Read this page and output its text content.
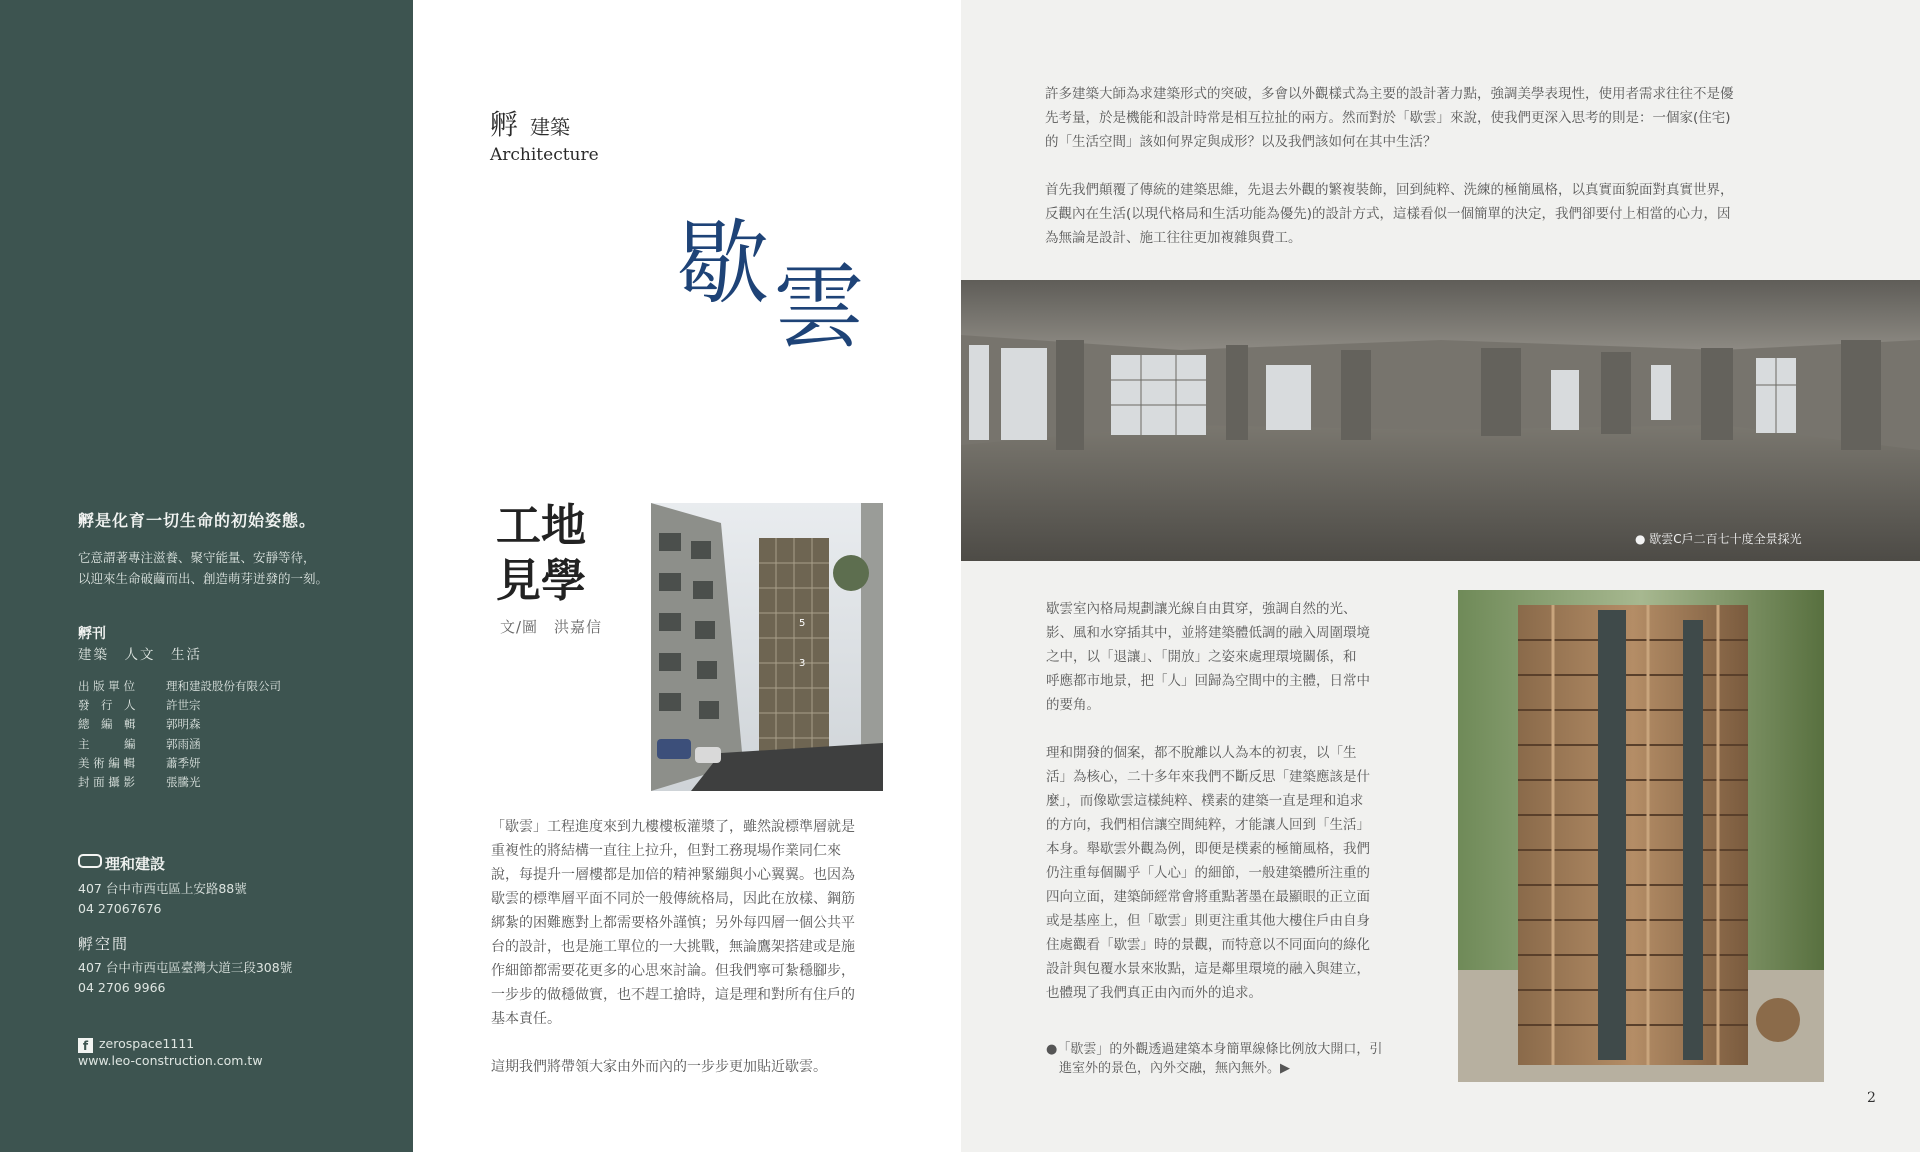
孵是化育一切生命的初始姿態。
它意謂著專注滋養、聚守能量、安靜等待，
以迎來生命破繭而出、創造萌芽迸發的一刻。
孵刊
建築　人文　生活
出 版 單 位	理和建設股份有限公司
發　行　人	許世宗
總　編　輯	郭明森
主　　　編	郭雨涵
美 術 編 輯	蕭季妍
封 面 攝 影	張騰光
理和建設
407 台中市西屯區上安路88號
04 27067676
孵空間
407 台中市西屯區臺灣大道三段308號
04 2706 9966
f zerospace1111
www.leo-construction.com.tw
孵 建築
Architecture
歇 雲
工地
見學
文/圖　洪嘉信	5
3

「歇雲」工程進度來到九樓樓板灌漿了，雖然說標準層就是

重複性的將結構一直往上拉升，但對工務現場作業同仁來

說，每提升一層樓都是加倍的精神緊繃與小心翼翼。也因為

歇雲的標準層平面不同於一般傳統格局，因此在放樣、鋼筋

綁紮的困難應對上都需要格外謹慎；另外每四層一個公共平

台的設計，也是施工單位的一大挑戰，無論鷹架搭建或是施

作細節都需要花更多的心思來討論。但我們寧可紮穩腳步，

一步步的做穩做實，也不趕工搶時，這是理和對所有住戶的

基本責任。

這期我們將帶領大家由外而內的一步步更加貼近歇雲。

許多建築大師為求建築形式的突破，多會以外觀樣式為主要的設計著力點，強調美學表現性，使用者需求往往不是優
先考量，於是機能和設計時常是相互拉扯的兩方。然而對於「歇雲」來說，使我們更深入思考的則是：一個家(住宅)
的「生活空間」該如何界定與成形？以及我們該如何在其中生活？

首先我們顛覆了傳統的建築思維，先退去外觀的繁複裝飾，回到純粹、洗練的極簡風格，以真實面貌面對真實世界，
反觀內在生活(以現代格局和生活功能為優先)的設計方式，這樣看似一個簡單的決定，我們卻要付上相當的心力，因
為無論是設計、施工往往更加複雜與費工。

● 歇雲C戶二百七十度全景採光

歇雲室內格局規劃讓光線自由貫穿，強調自然的光、
影、風和水穿插其中，並將建築體低調的融入周圍環境
之中，以「退讓」、「開放」之姿來處理環境關係，和
呼應都市地景，把「人」回歸為空間中的主體，日常中
的要角。

理和開發的個案，都不脫離以人為本的初衷，以「生
活」為核心，二十多年來我們不斷反思「建築應該是什
麼」，而像歇雲這樣純粹、樸素的建築一直是理和追求
的方向，我們相信讓空間純粹，才能讓人回到「生活」
本身。舉歇雲外觀為例，即便是樸素的極簡風格，我們
仍注重每個關乎「人心」的細節，一般建築體所注重的
四向立面，建築師經常會將重點著墨在最顯眼的正立面
或是基座上，但「歇雲」則更注重其他大樓住戶由自身
住處觀看「歇雲」時的景觀，而特意以不同面向的綠化
設計與包覆水景來妝點，這是鄰里環境的融入與建立，
也體現了我們真正由內而外的追求。

●「歇雲」的外觀透過建築本身簡單線條比例放大開口，引
　進室外的景色，內外交融，無內無外。▶
2
